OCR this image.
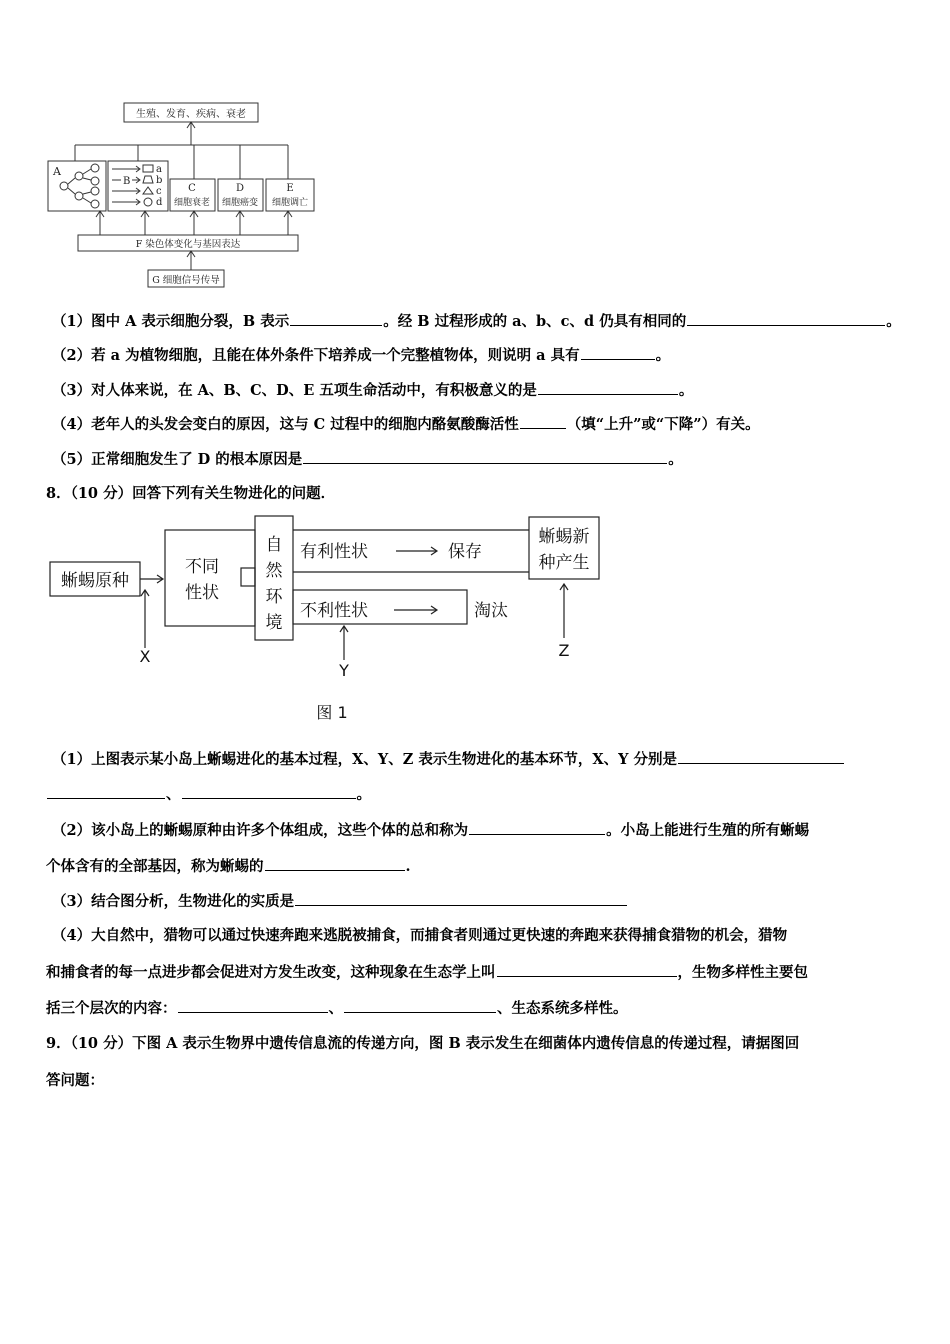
生殖、发育、疾病、衰老
A
B
a
b
c
d
C
细胞衰老
D
细胞癌变
E
细胞调亡
F 染色体变化与基因表达
G 细胞信号传导
（1）图中 A 表示细胞分裂，B 表示	。经 B 过程形成的 a、b、c、d 仍具有相同的	。
（2）若 a 为植物细胞，且能在体外条件下培养成一个完整植物体，则说明 a 具有	。
（3）对人体来说，在 A、B、C、D、E 五项生命活动中，有积极意义的是	。
（4）老年人的头发会变白的原因，这与 C 过程中的细胞内酪氨酸酶活性	（填“上升”或“下降”）有关。
（5）正常细胞发生了 D 的根本原因是	。
8．（10 分）回答下列有关生物进化的问题．
蜥蜴原种
不同
性状
自
然
环
境
有利性状	保存
不利性状	淘汰
蜥蜴新
种产生
X
Y
Z
图 1
（1）上图表示某小岛上蜥蜴进化的基本过程，X、Y、Z 表示生物进化的基本环节，X、Y 分别是
、	。
（2）该小岛上的蜥蜴原种由许多个体组成，这些个体的总和称为	。小岛上能进行生殖的所有蜥蜴
个体含有的全部基因，称为蜥蜴的	.
（3）结合图分析，生物进化的实质是
（4）大自然中，猎物可以通过快速奔跑来逃脱被捕食，而捕食者则通过更快速的奔跑来获得捕食猎物的机会，猎物
和捕食者的每一点进步都会促进对方发生改变，这种现象在生态学上叫	，生物多样性主要包
括三个层次的内容：	、	、生态系统多样性。
9．（10 分）下图 A 表示生物界中遗传信息流的传递方向，图 B 表示发生在细菌体内遗传信息的传递过程，请据图回
答问题：
